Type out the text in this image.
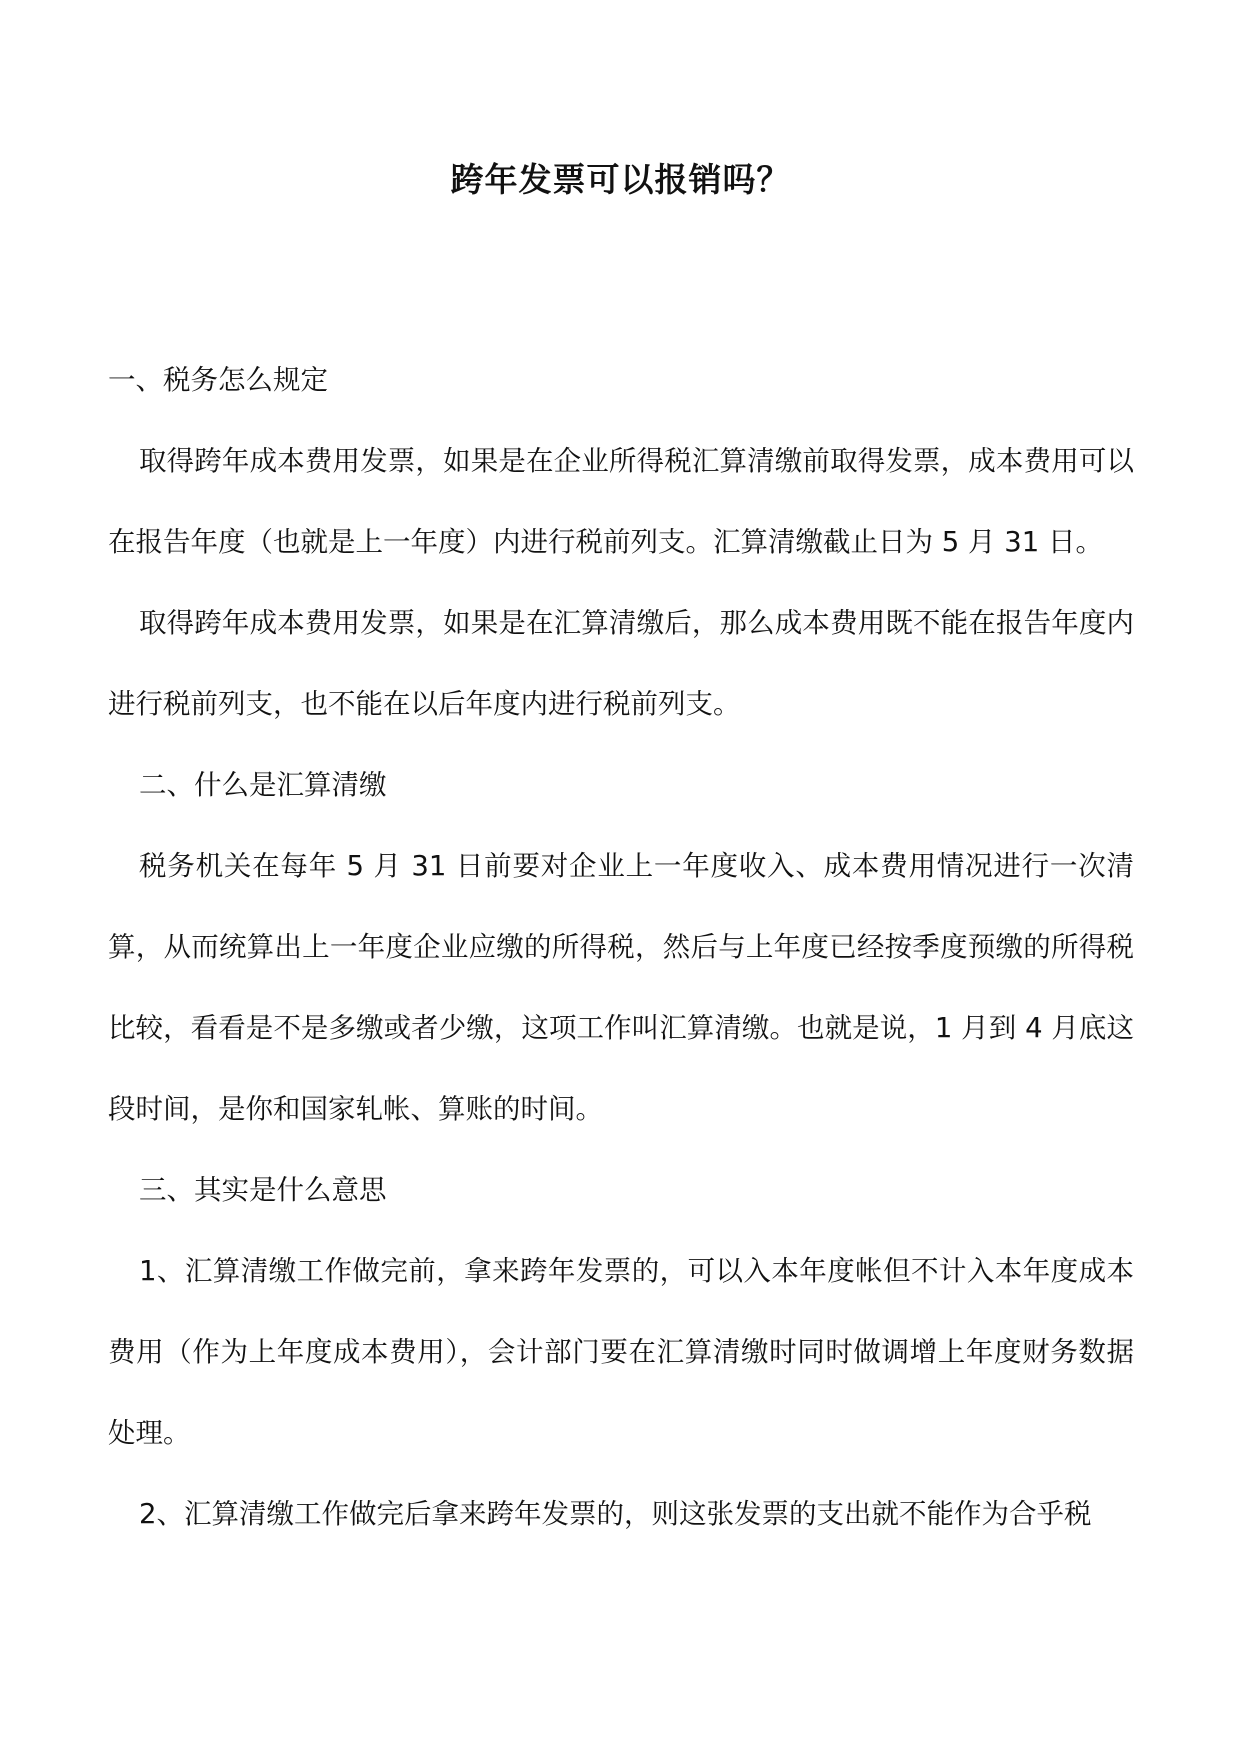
跨年发票可以报销吗？

一、税务怎么规定

取得跨年成本费用发票，如果是在企业所得税汇算清缴前取得发票，成本费用可以在报告年度（也就是上一年度）内进行税前列支。汇算清缴截止日为 5 月 31 日。

取得跨年成本费用发票，如果是在汇算清缴后，那么成本费用既不能在报告年度内进行税前列支，也不能在以后年度内进行税前列支。

二、什么是汇算清缴

税务机关在每年 5 月 31 日前要对企业上一年度收入、成本费用情况进行一次清算，从而统算出上一年度企业应缴的所得税，然后与上年度已经按季度预缴的所得税比较，看看是不是多缴或者少缴，这项工作叫汇算清缴。也就是说，1 月到 4 月底这段时间，是你和国家轧帐、算账的时间。

三、其实是什么意思

1、汇算清缴工作做完前，拿来跨年发票的，可以入本年度帐但不计入本年度成本费用（作为上年度成本费用），会计部门要在汇算清缴时同时做调增上年度财务数据处理。

2、汇算清缴工作做完后拿来跨年发票的，则这张发票的支出就不能作为合乎税
